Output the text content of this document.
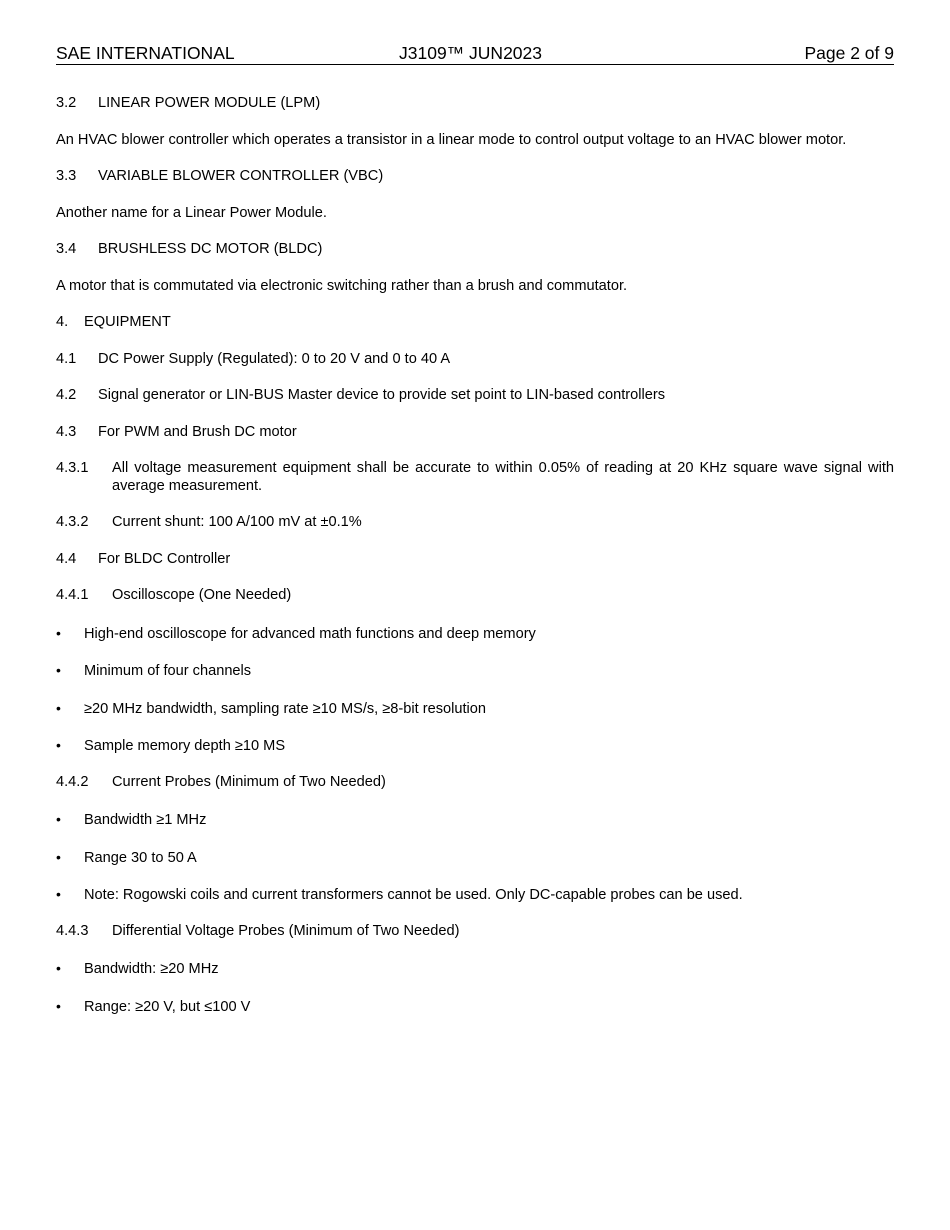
SAE INTERNATIONAL	J3109™ JUN2023	Page 2 of 9
3.2 LINEAR POWER MODULE (LPM)
An HVAC blower controller which operates a transistor in a linear mode to control output voltage to an HVAC blower motor.
3.3 VARIABLE BLOWER CONTROLLER (VBC)
Another name for a Linear Power Module.
3.4 BRUSHLESS DC MOTOR (BLDC)
A motor that is commutated via electronic switching rather than a brush and commutator.
4. EQUIPMENT
4.1 DC Power Supply (Regulated): 0 to 20 V and 0 to 40 A
4.2 Signal generator or LIN-BUS Master device to provide set point to LIN-based controllers
4.3 For PWM and Brush DC motor
4.3.1 All voltage measurement equipment shall be accurate to within 0.05% of reading at 20 KHz square wave signal with average measurement.
4.3.2 Current shunt: 100 A/100 mV at ±0.1%
4.4 For BLDC Controller
4.4.1 Oscilloscope (One Needed)
• High-end oscilloscope for advanced math functions and deep memory
• Minimum of four channels
• ≥20 MHz bandwidth, sampling rate ≥10 MS/s, ≥8-bit resolution
• Sample memory depth ≥10 MS
4.4.2 Current Probes (Minimum of Two Needed)
• Bandwidth ≥1 MHz
• Range 30 to 50 A
• Note: Rogowski coils and current transformers cannot be used. Only DC-capable probes can be used.
4.4.3 Differential Voltage Probes (Minimum of Two Needed)
• Bandwidth: ≥20 MHz
• Range: ≥20 V, but ≤100 V
